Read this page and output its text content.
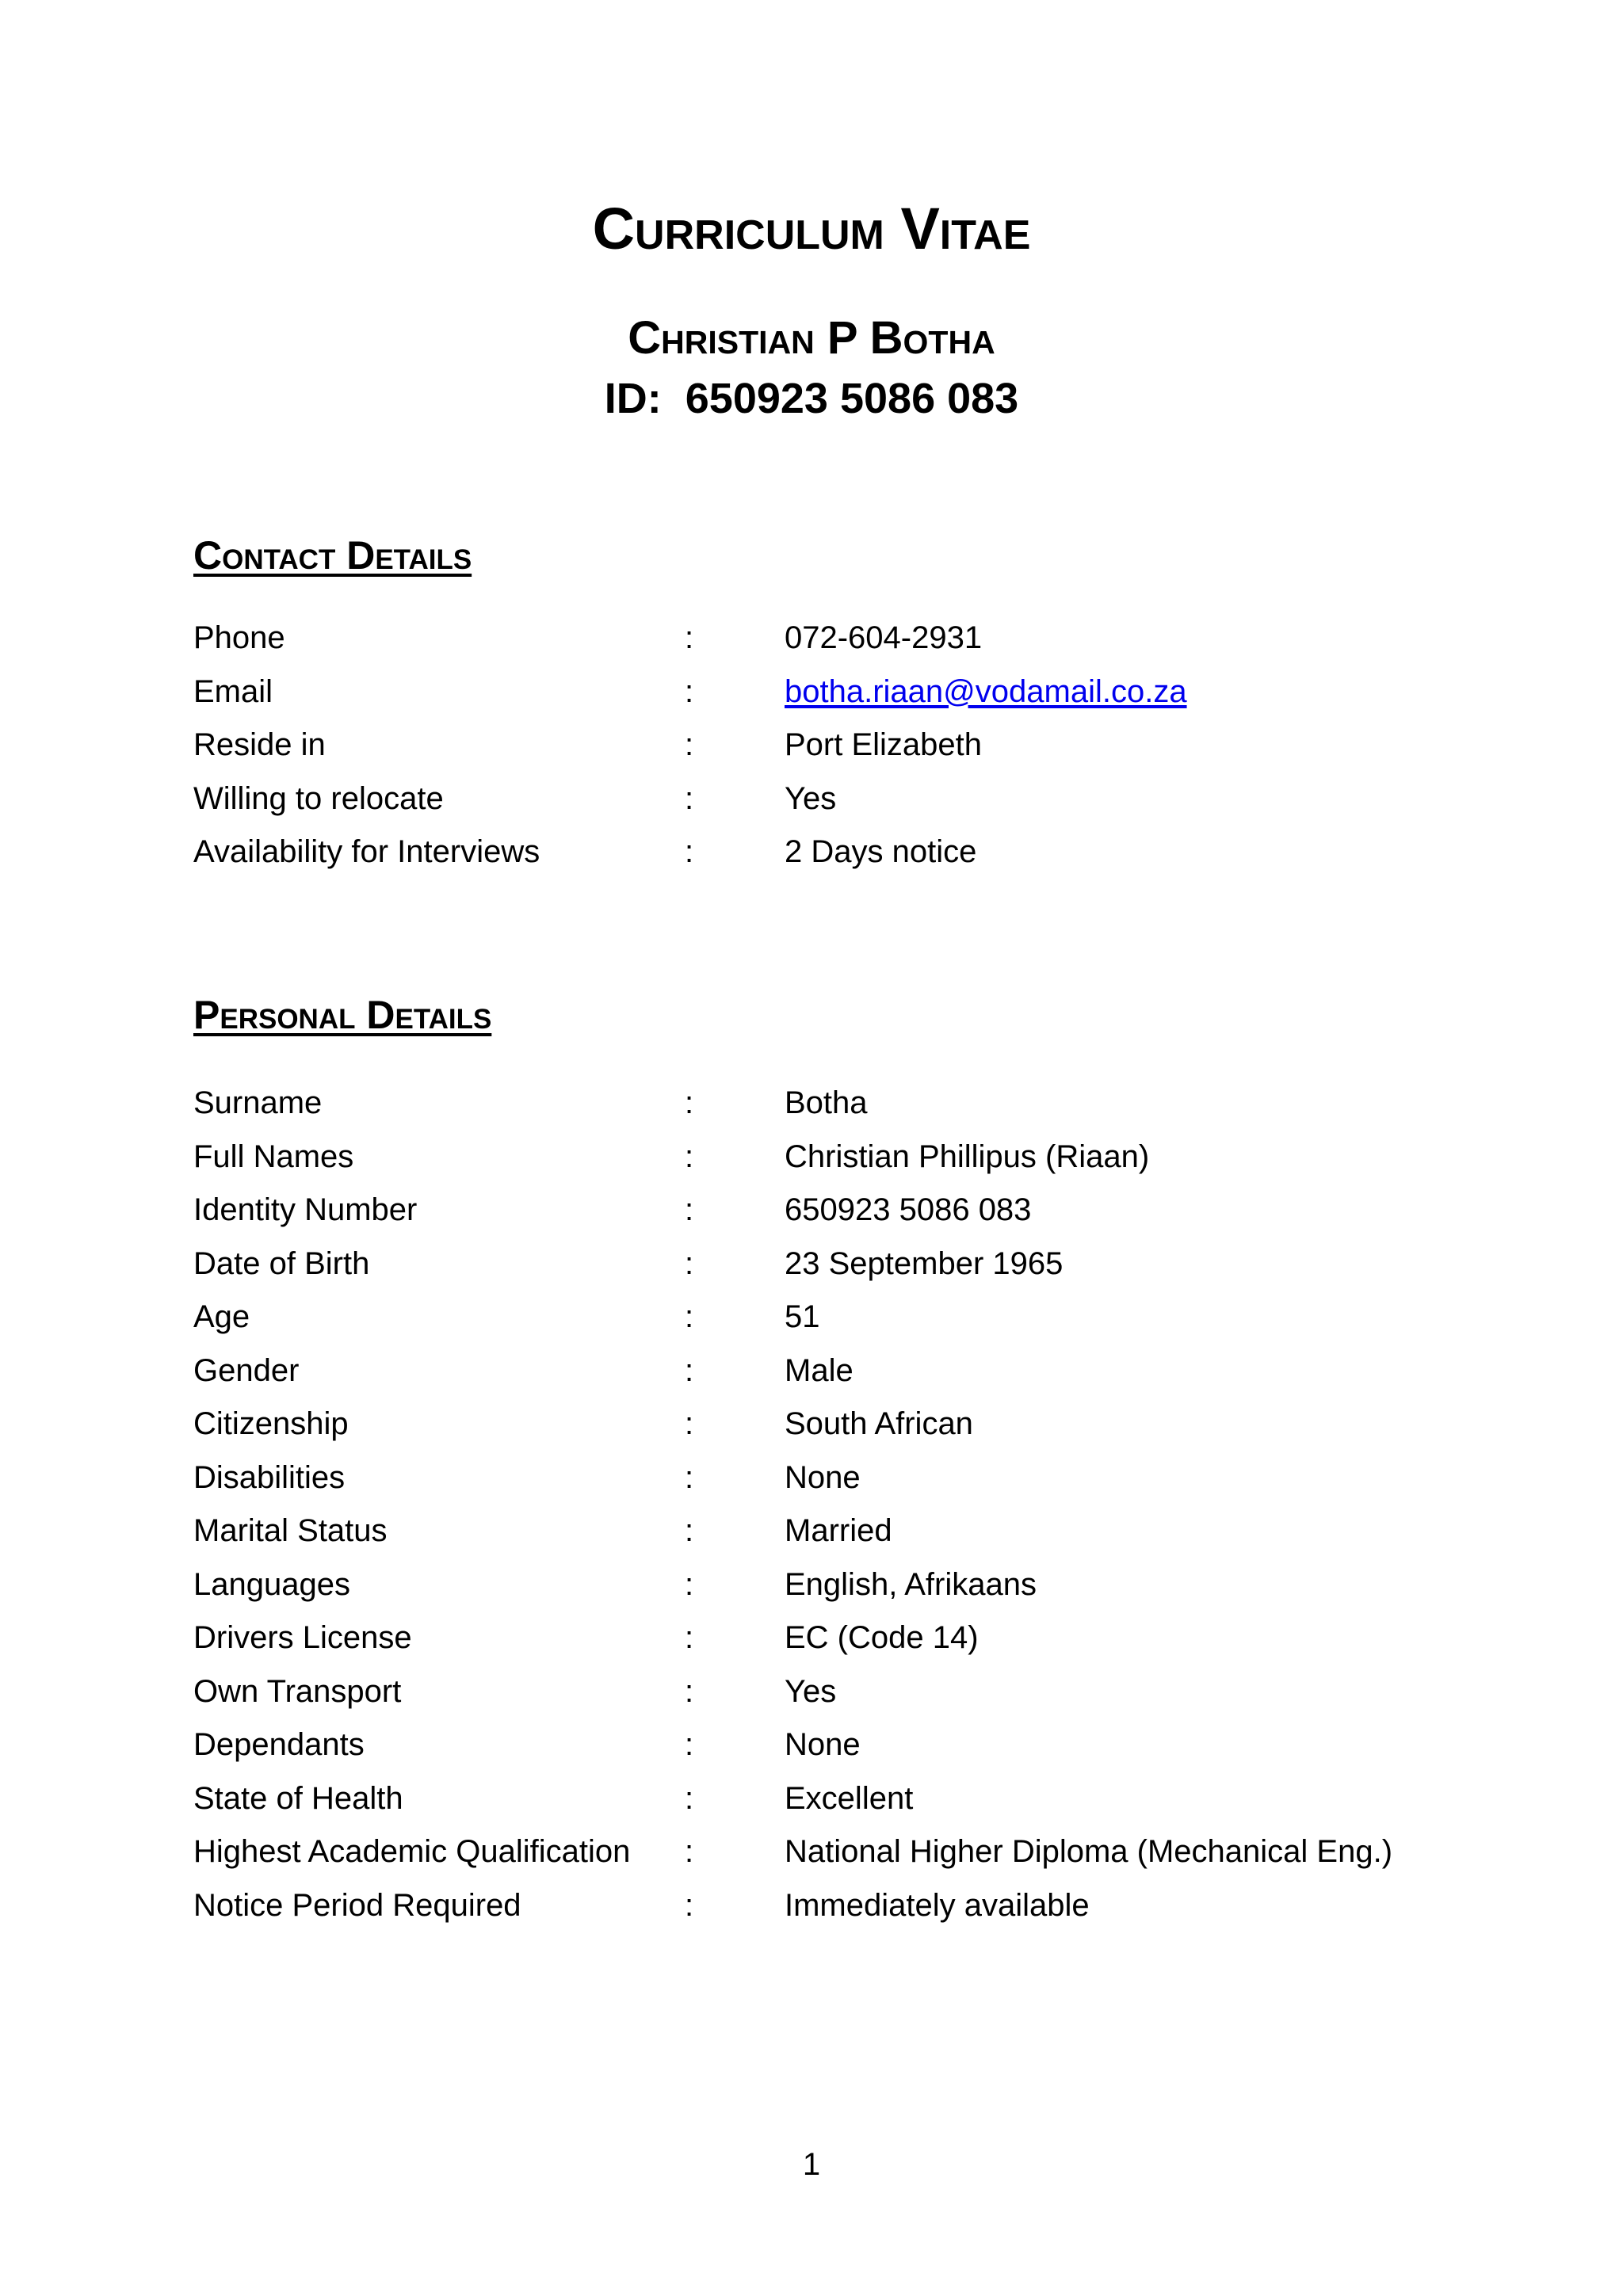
Curriculum Vitae
Christian P Botha
ID:  650923 5086 083
Contact Details
Phone	:	072-604-2931
Email	:	botha.riaan@vodamail.co.za
Reside in	:	Port Elizabeth
Willing to relocate	:	Yes
Availability for Interviews	:	2 Days notice
Personal Details
Surname	:	Botha
Full Names	:	Christian Phillipus (Riaan)
Identity Number	:	650923 5086 083
Date of Birth	:	23 September 1965
Age	:	51
Gender	:	Male
Citizenship	:	South African
Disabilities	:	None
Marital Status	:	Married
Languages	:	English, Afrikaans
Drivers License	:	EC (Code 14)
Own Transport	:	Yes
Dependants	:	None
State of Health	:	Excellent
Highest Academic Qualification :	National Higher Diploma (Mechanical Eng.)
Notice Period Required	:	Immediately available
1
